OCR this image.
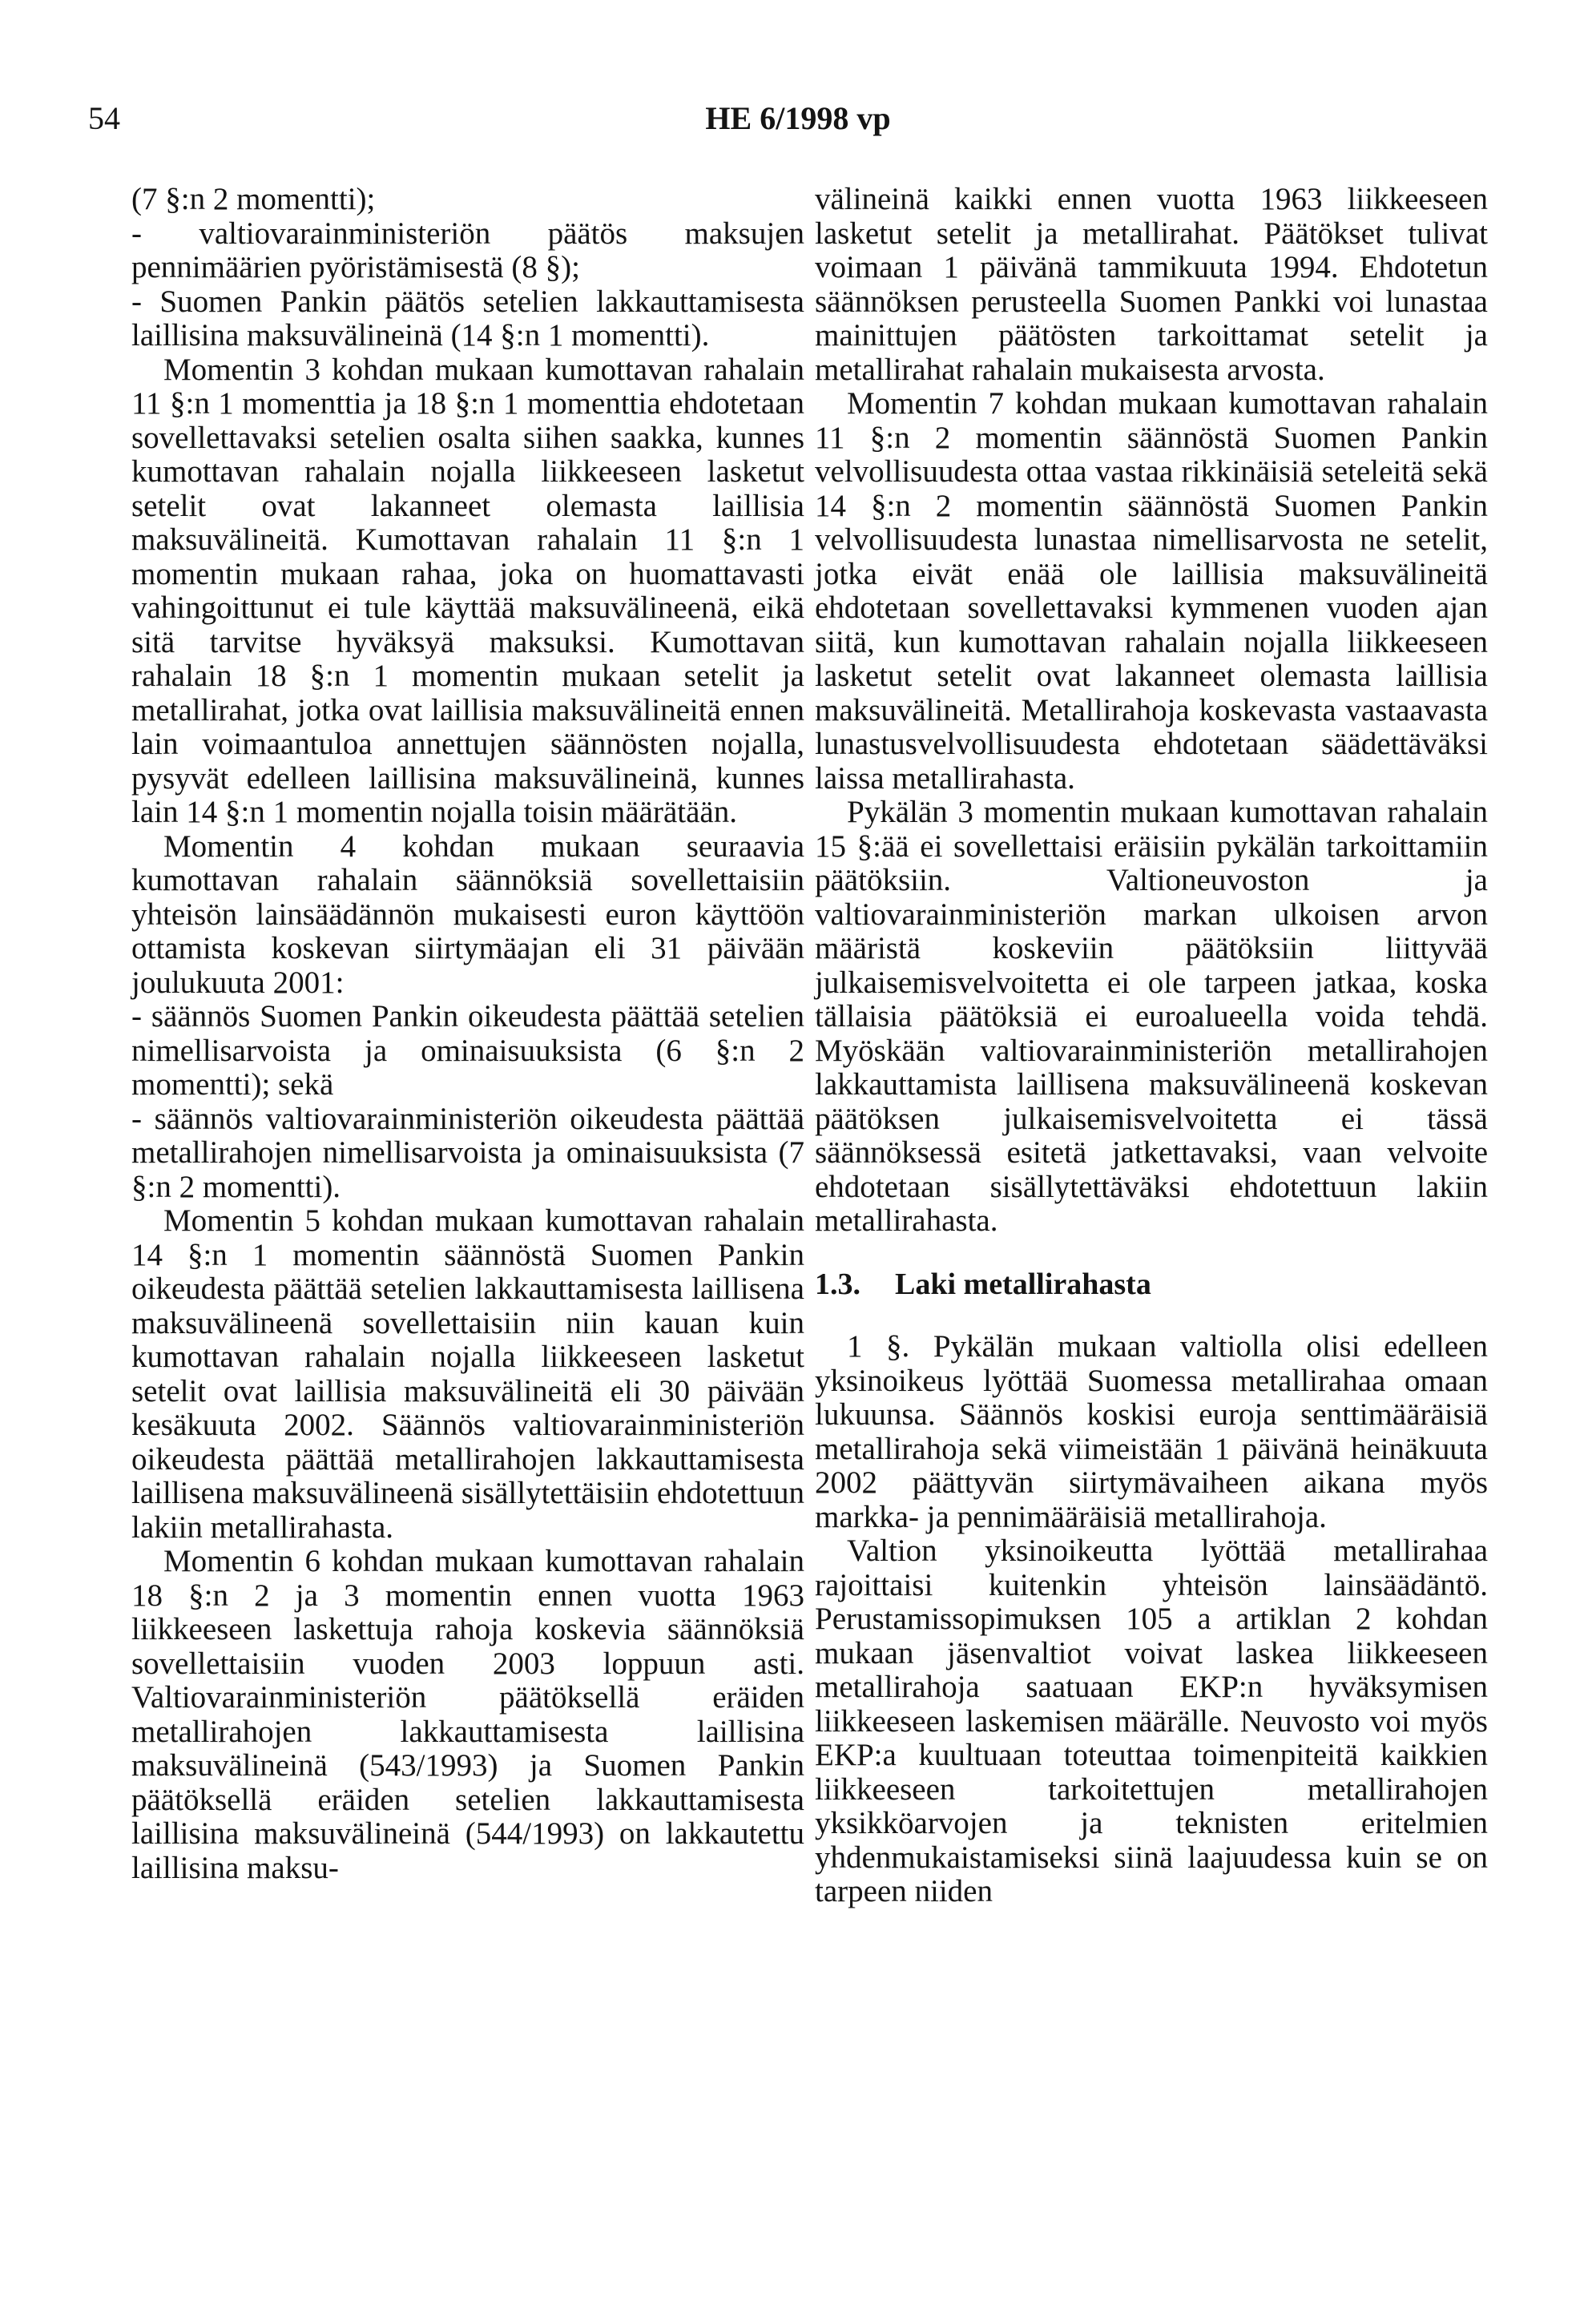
54	HE 6/1998 vp

(7 §:n 2 momentti);

- valtiovarainministeriön päätös maksujen pennimäärien pyöristämisestä (8 §);

- Suomen Pankin päätös setelien lakkauttamisesta laillisina maksuvälineinä (14 §:n 1 momentti).

Momentin 3 kohdan mukaan kumottavan rahalain 11 §:n 1 momenttia ja 18 §:n 1 momenttia ehdotetaan sovellettavaksi setelien osalta siihen saakka, kunnes kumottavan rahalain nojalla liikkeeseen lasketut setelit ovat lakanneet olemasta laillisia maksuvälineitä. Kumottavan rahalain 11 §:n 1 momentin mukaan rahaa, joka on huomattavasti vahingoittunut ei tule käyttää maksuvälineenä, eikä sitä tarvitse hyväksyä maksuksi. Kumottavan rahalain 18 §:n 1 momentin mukaan setelit ja metallirahat, jotka ovat laillisia maksuvälineitä ennen lain voimaantuloa annettujen säännösten nojalla, pysyvät edelleen laillisina maksuvälineinä, kunnes lain 14 §:n 1 momentin nojalla toisin määrätään.

Momentin 4 kohdan mukaan seuraavia kumottavan rahalain säännöksiä sovellettaisiin yhteisön lainsäädännön mukaisesti euron käyttöön ottamista koskevan siirtymäajan eli 31 päivään joulukuuta 2001:

- säännös Suomen Pankin oikeudesta päättää setelien nimellisarvoista ja ominaisuuksista (6 §:n 2 momentti); sekä

- säännös valtiovarainministeriön oikeudesta päättää metallirahojen nimellisarvoista ja ominaisuuksista (7 §:n 2 momentti).

Momentin 5 kohdan mukaan kumottavan rahalain 14 §:n 1 momentin säännöstä Suomen Pankin oikeudesta päättää setelien lakkauttamisesta laillisena maksuvälineenä sovellettaisiin niin kauan kuin kumottavan rahalain nojalla liikkeeseen lasketut setelit ovat laillisia maksuvälineitä eli 30 päivään kesäkuuta 2002. Säännös valtiovarainministeriön oikeudesta päättää metallirahojen lakkauttamisesta laillisena maksuvälineenä sisällytettäisiin ehdotettuun lakiin metallirahasta.

Momentin 6 kohdan mukaan kumottavan rahalain 18 §:n 2 ja 3 momentin ennen vuotta 1963 liikkeeseen laskettuja rahoja koskevia säännöksiä sovellettaisiin vuoden 2003 loppuun asti. Valtiovarainministeriön päätöksellä eräiden metallirahojen lakkauttamisesta laillisina maksuvälineinä (543/1993) ja Suomen Pankin päätöksellä eräiden setelien lakkauttamisesta laillisina maksuvälineinä (544/1993) on lakkautettu laillisina maksu-

välineinä kaikki ennen vuotta 1963 liikkeeseen lasketut setelit ja metallirahat. Päätökset tulivat voimaan 1 päivänä tammikuuta 1994. Ehdotetun säännöksen perusteella Suomen Pankki voi lunastaa mainittujen päätösten tarkoittamat setelit ja metallirahat rahalain mukaisesta arvosta.

Momentin 7 kohdan mukaan kumottavan rahalain 11 §:n 2 momentin säännöstä Suomen Pankin velvollisuudesta ottaa vastaa rikkinäisiä seteleitä sekä 14 §:n 2 momentin säännöstä Suomen Pankin velvollisuudesta lunastaa nimellisarvosta ne setelit, jotka eivät enää ole laillisia maksuvälineitä ehdotetaan sovellettavaksi kymmenen vuoden ajan siitä, kun kumottavan rahalain nojalla liikkeeseen lasketut setelit ovat lakanneet olemasta laillisia maksuvälineitä. Metallirahoja koskevasta vastaavasta lunastusvelvollisuudesta ehdotetaan säädettäväksi laissa metallirahasta.

Pykälän 3 momentin mukaan kumottavan rahalain 15 §:ää ei sovellettaisi eräisiin pykälän tarkoittamiin päätöksiin. Valtioneuvoston ja valtiovarainministeriön markan ulkoisen arvon määristä koskeviin päätöksiin liittyvää julkaisemisvelvoitetta ei ole tarpeen jatkaa, koska tällaisia päätöksiä ei euroalueella voida tehdä. Myöskään valtiovarainministeriön metallirahojen lakkauttamista laillisena maksuvälineenä koskevan päätöksen julkaisemisvelvoitetta ei tässä säännöksessä esitetä jatkettavaksi, vaan velvoite ehdotetaan sisällytettäväksi ehdotettuun lakiin metallirahasta.

1.3. Laki metallirahasta

1 §. Pykälän mukaan valtiolla olisi edelleen yksinoikeus lyöttää Suomessa metallirahaa omaan lukuunsa. Säännös koskisi euroja senttimääräisiä metallirahoja sekä viimeistään 1 päivänä heinäkuuta 2002 päättyvän siirtymävaiheen aikana myös markka- ja pennimääräisiä metallirahoja.

Valtion yksinoikeutta lyöttää metallirahaa rajoittaisi kuitenkin yhteisön lainsäädäntö. Perustamissopimuksen 105 a artiklan 2 kohdan mukaan jäsenvaltiot voivat laskea liikkeeseen metallirahoja saatuaan EKP:n hyväksymisen liikkeeseen laskemisen määrälle. Neuvosto voi myös EKP:a kuultuaan toteuttaa toimenpiteitä kaikkien liikkeeseen tarkoitettujen metallirahojen yksikköarvojen ja teknisten eritelmien yhdenmukaistamiseksi siinä laajuudessa kuin se on tarpeen niiden
